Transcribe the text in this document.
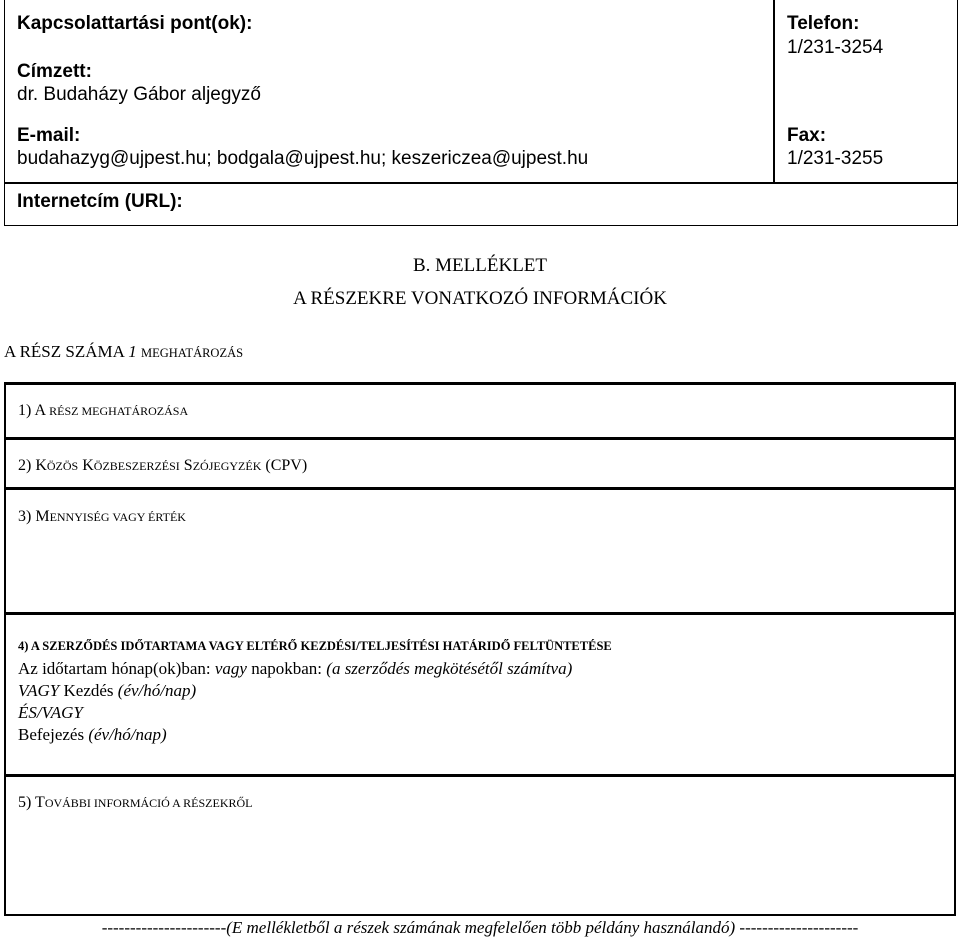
Kapcsolattartási pont(ok):
Címzett:
dr. Budaházy Gábor aljegyző
E-mail:
budahazyg@ujpest.hu; bodgala@ujpest.hu; keszericzea@ujpest.hu
Internetcím (URL):
Telefon:
1/231-3254
Fax:
1/231-3255
B. MELLÉKLET
A RÉSZEKRE VONATKOZÓ INFORMÁCIÓK
A RÉSZ SZÁMA 1 MEGHATÁROZÁS
1) A RÉSZ MEGHATÁROZÁSA
2) KÖZÖS KÖZBESZERZÉSI SZÓJEGYZÉK (CPV)
3) MENNYISÉG VAGY ÉRTÉK
4) A SZERZŐDÉS IDŐTARTAMA VAGY ELTÉRŐ KEZDÉSI/TELJESÍTÉSI HATÁRIDŐ FELTÜNTETÉSE
Az időtartam hónap(ok)ban: vagy napokban: (a szerződés megkötésétől számítva)
VAGY Kezdés (év/hó/nap)
ÉS/VAGY
Befejezés (év/hó/nap)
5) TOVÁBBI INFORMÁCIÓ A RÉSZEKRŐL
----------------------(E mellékletből a részek számának megfelelően több példány használandó) ---------------------
